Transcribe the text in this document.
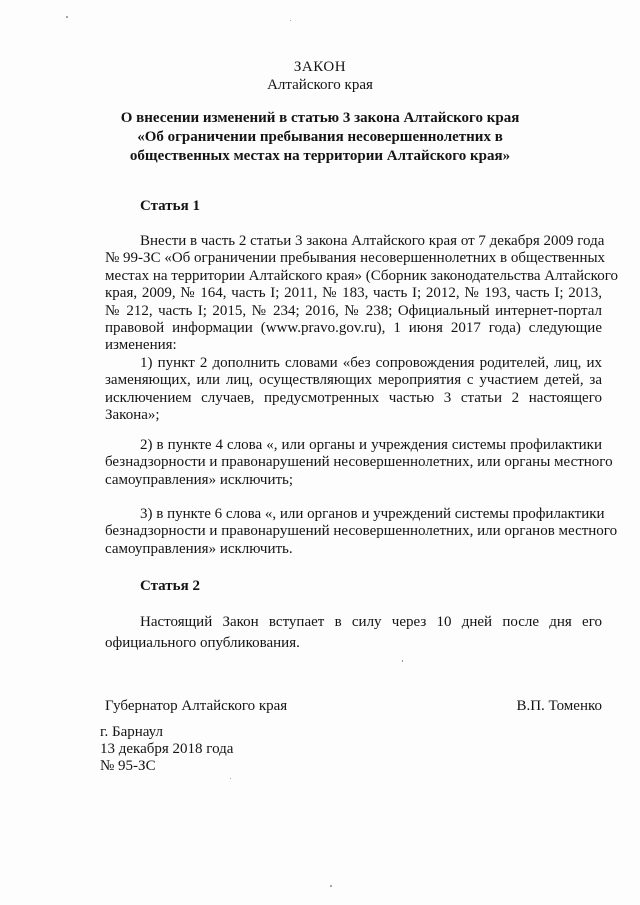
ЗАКОН
Алтайского края
О внесении изменений в статью 3 закона Алтайского края
«Об ограничении пребывания несовершеннолетних в
общественных местах на территории Алтайского края»
Статья 1
Внести в часть 2 статьи 3 закона Алтайского края от 7 декабря 2009 года
№ 99-ЗС «Об ограничении пребывания несовершеннолетних в общественных
местах на территории Алтайского края» (Сборник законодательства Алтайского
края, 2009, № 164, часть I; 2011, № 183, часть I; 2012, № 193, часть I; 2013,
№ 212, часть I; 2015, № 234; 2016, № 238; Официальный интернет-портал
правовой информации (www.pravo.gov.ru), 1 июня 2017 года) следующие
изменения:
1) пункт 2 дополнить словами «без сопровождения родителей, лиц, их
заменяющих, или лиц, осуществляющих мероприятия с участием детей, за
исключением случаев, предусмотренных частью 3 статьи 2 настоящего
Закона»;
2) в пункте 4 слова «, или органы и учреждения системы профилактики
безнадзорности и правонарушений несовершеннолетних, или органы местного
самоуправления» исключить;
3) в пункте 6 слова «, или органов и учреждений системы профилактики
безнадзорности и правонарушений несовершеннолетних, или органов местного
самоуправления» исключить.
Статья 2
Настоящий Закон вступает в силу через 10 дней после дня его
официального опубликования.
Губернатор Алтайского края	В.П. Томенко
г. Барнаул
13 декабря 2018 года
№ 95-ЗС
